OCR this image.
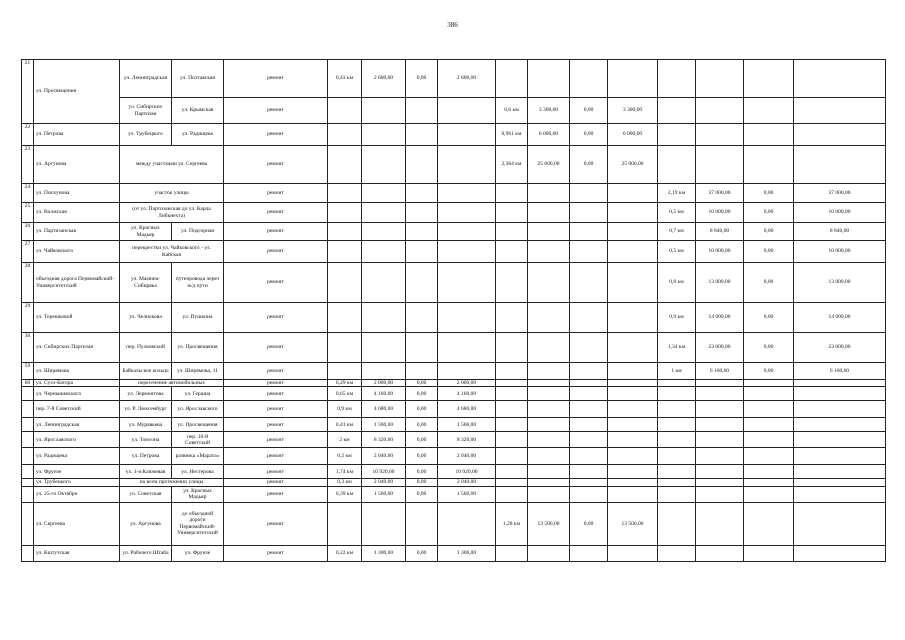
386
21	ул. Просвещения	ул. Ленинградская	ул. Полтавская	ремонт	0,43 км	2 600,00	0,00	2 600,00								
		ул. Сибирских Партизан	ул. Крымская	ремонт					0,6 км	3 300,00	0,00	3 300,00				
22	ул. Петрова	ул. Трубецкого	ул. Радищева	ремонт					0,961 км	6 000,00	0,00	6 000,00				
23	ул. Аргунова	между участками ул. Сергеева		ремонт					2,364 км	25 000,00	0,00	25 000,00				
24	ул. Пискунова	участок улицы		ремонт									2,19 км	37 000,00	0,00	37 000,00
25	ул. Волжская	(от ул. Партизанская до ул. Карла Либкнехта)		ремонт									0,5 км	10 000,00	0,00	10 000,00
26	ул. Партизанская	ул. Красных Мадьяр	ул. Подгорная	ремонт									0,7 км	8 840,00	0,00	8 840,00
27	ул. Чайковского	перекрестки ул. Чайковского - ул. Кайская		ремонт									0,5 км	10 000,00	0,00	10 000,00
28	объездная дорога Первомайский-Университетский	ул. Мамина-Сибиряка	путепровода через ж/д пути	ремонт									0,8 км	13 000,00	0,00	13 000,00
29	ул. Терешковой	ул. Челнокова	ул. Пушкина	ремонт									0,9 км	14 000,00	0,00	14 000,00
30	ул. Сибирских Партизан	пер. Пулковский	ул. Просвещения	ремонт									1,34 км	23 000,00	0,00	23 000,00
59	ул. Ширямова	Байкальское кольцо	ул. Ширямова, 11	ремонт									1 км	6 160,00	0,00	6 160,00
80	ул. Сухэ-Батора	пересечение автомобильных		ремонт	0,29 км	2 000,00	0,00	2 000,00								
	ул. Чернышевского	ул. Лермонтова	ул. Гершна	ремонт	0,65 км	4 160,00	0,00	4 160,00								
	пер. 7-й Советский	ул. Р. Люксембург	ул. Ярославского	ремонт	0,9 км	4 680,00	0,00	4 680,00								
	ул. Ленинградская	ул. Муравьева	ул. Просвещения	ремонт	0,41 км	1 560,00	0,00	1 560,00								
	ул. Ярославского	ул. Томсона	пер. 10-й Советский	ремонт	2 км	8 320,00	0,00	8 320,00								
	ул. Радищева	ул. Петрова	развязка «Марата»	ремонт	0,2 км	2 040,00	0,00	2 040,00								
	ул. Фрунзе	ул. 1-я Ключевая	ул. Нестерова	ремонт	1,74 км	10 920,00	0,00	10 920,00								
	ул. Трубецкого	на всем протяжении улицы		ремонт	0,3 км	2 040,00	0,00	2 040,00								
	ул. 25-го Октября	ул. Советская	ул. Красных Мадьяр	ремонт	0,39 км	1 560,00	0,00	1 560,00								
	ул. Сергеева	ул. Аргунова	до объездной дороги Первомайский-Университетский	ремонт					1,28 км	13 500,00	0,00	13 500,00				
	ул. Кштутская	ул. Рабочего Штаба	ул. Фрунзе	ремонт	0,22 км	1 300,00	0,00	1 300,00								
